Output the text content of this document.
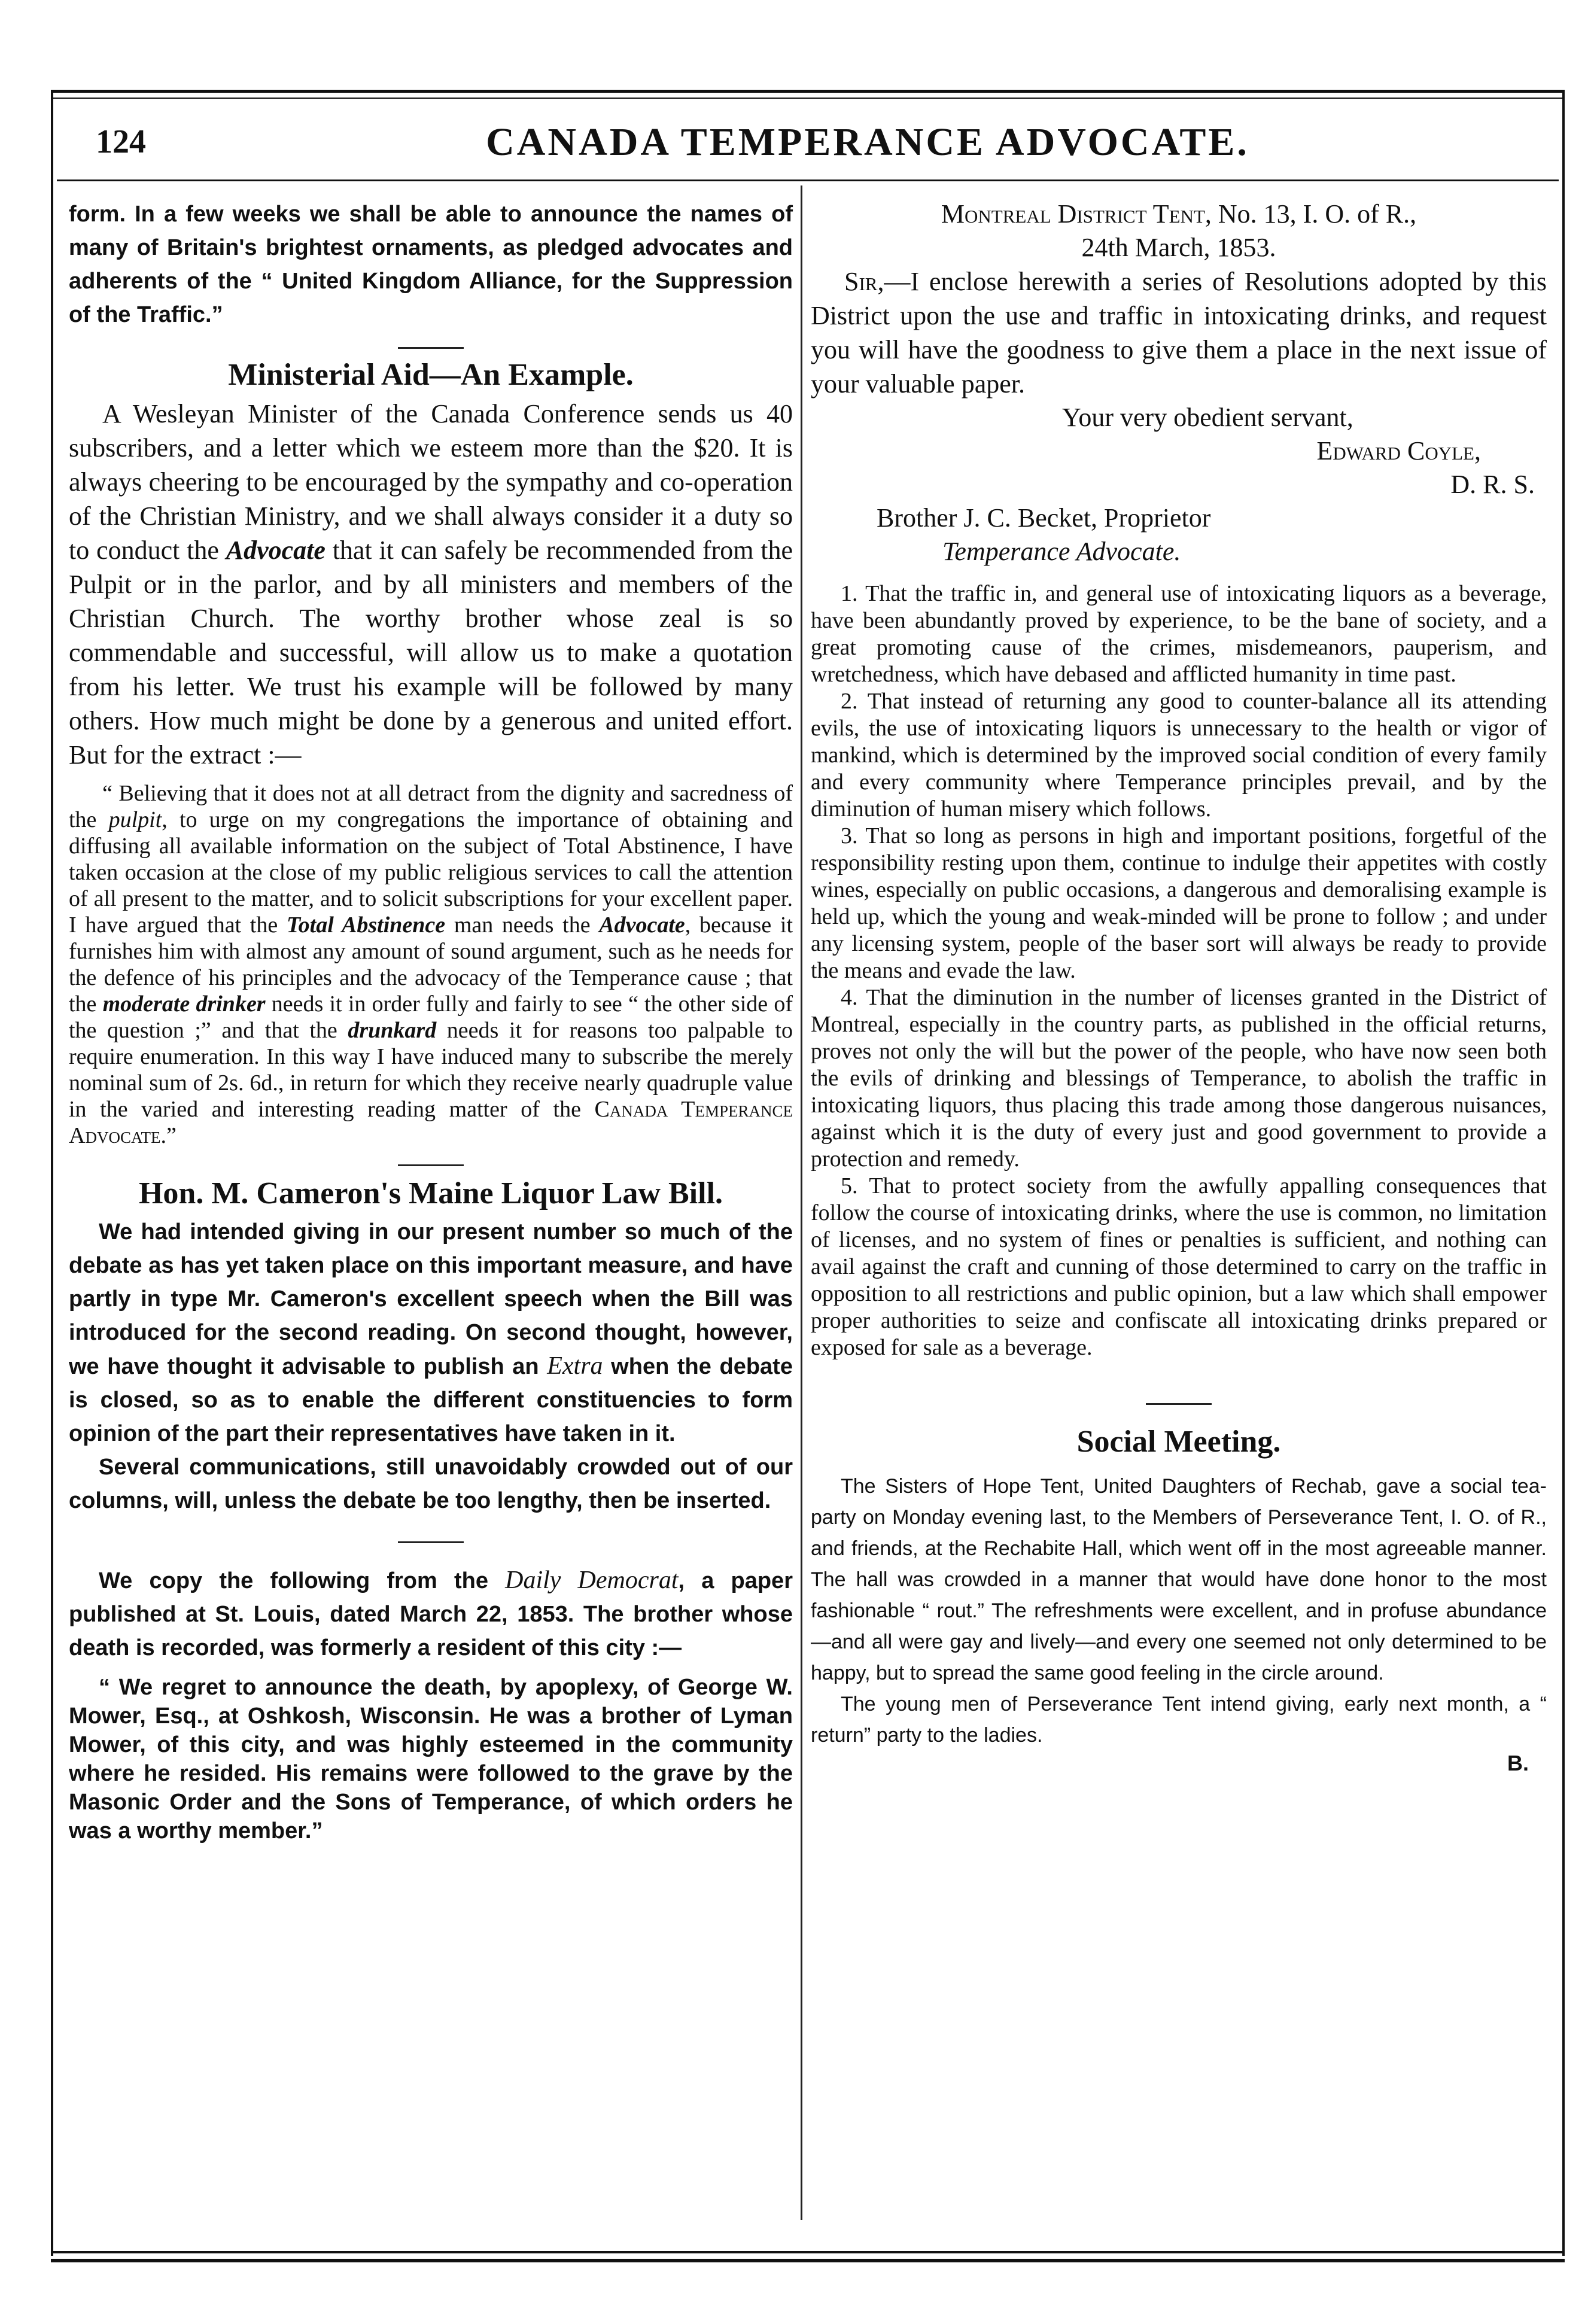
124	CANADA TEMPERANCE ADVOCATE.

form. In a few weeks we shall be able to announce the names of many of Britain's brightest ornaments, as pledged advocates and adherents of the “ United Kingdom Alliance, for the Suppression of the Traffic.”

Ministerial Aid—An Example.

A Wesleyan Minister of the Canada Conference sends us 40 subscribers, and a letter which we esteem more than the $20. It is always cheering to be encouraged by the sympathy and co-operation of the Christian Ministry, and we shall always consider it a duty so to conduct the Advocate that it can safely be recommended from the Pulpit or in the parlor, and by all ministers and members of the Christian Church. The worthy brother whose zeal is so commendable and successful, will allow us to make a quotation from his letter. We trust his example will be followed by many others. How much might be done by a generous and united effort. But for the extract :—

“ Believing that it does not at all detract from the dignity and sacredness of the pulpit, to urge on my congregations the importance of obtaining and diffusing all available information on the subject of Total Abstinence, I have taken occasion at the close of my public religious services to call the attention of all present to the matter, and to solicit subscriptions for your excellent paper. I have argued that the Total Abstinence man needs the Advocate, because it furnishes him with almost any amount of sound argument, such as he needs for the defence of his principles and the advocacy of the Temperance cause ; that the moderate drinker needs it in order fully and fairly to see “ the other side of the question ;” and that the drunkard needs it for reasons too palpable to require enumeration. In this way I have induced many to subscribe the merely nominal sum of 2s. 6d., in return for which they receive nearly quadruple value in the varied and interesting reading matter of the Canada Temperance Advocate.”

Hon. M. Cameron's Maine Liquor Law Bill.

We had intended giving in our present number so much of the debate as has yet taken place on this important measure, and have partly in type Mr. Cameron's excellent speech when the Bill was introduced for the second reading. On second thought, however, we have thought it advisable to publish an Extra when the debate is closed, so as to enable the different constituencies to form opinion of the part their representatives have taken in it.

Several communications, still unavoidably crowded out of our columns, will, unless the debate be too lengthy, then be inserted.

We copy the following from the Daily Democrat, a paper published at St. Louis, dated March 22, 1853. The brother whose death is recorded, was formerly a resident of this city :—

“ We regret to announce the death, by apoplexy, of George W. Mower, Esq., at Oshkosh, Wisconsin. He was a brother of Lyman Mower, of this city, and was highly esteemed in the community where he resided. His remains were followed to the grave by the Masonic Order and the Sons of Temperance, of which orders he was a worthy member.”

Montreal District Tent, No. 13, I. O. of R.,

24th March, 1853.

Sir,—I enclose herewith a series of Resolutions adopted by this District upon the use and traffic in intoxicating drinks, and request you will have the goodness to give them a place in the next issue of your valuable paper.

Your very obedient servant,

Edward Coyle,

D. R. S.

Brother J. C. Becket, Proprietor

Temperance Advocate.

1. That the traffic in, and general use of intoxicating liquors as a beverage, have been abundantly proved by experience, to be the bane of society, and a great promoting cause of the crimes, misdemeanors, pauperism, and wretchedness, which have debased and afflicted humanity in time past.

2. That instead of returning any good to counter-balance all its attending evils, the use of intoxicating liquors is unnecessary to the health or vigor of mankind, which is determined by the improved social condition of every family and every community where Temperance principles prevail, and by the diminution of human misery which follows.

3. That so long as persons in high and important positions, forgetful of the responsibility resting upon them, continue to indulge their appetites with costly wines, especially on public occasions, a dangerous and demoralising example is held up, which the young and weak-minded will be prone to follow ; and under any licensing system, people of the baser sort will always be ready to provide the means and evade the law.

4. That the diminution in the number of licenses granted in the District of Montreal, especially in the country parts, as published in the official returns, proves not only the will but the power of the people, who have now seen both the evils of drinking and blessings of Temperance, to abolish the traffic in intoxicating liquors, thus placing this trade among those dangerous nuisances, against which it is the duty of every just and good government to provide a protection and remedy.

5. That to protect society from the awfully appalling consequences that follow the course of intoxicating drinks, where the use is common, no limitation of licenses, and no system of fines or penalties is sufficient, and nothing can avail against the craft and cunning of those determined to carry on the traffic in opposition to all restrictions and public opinion, but a law which shall empower proper authorities to seize and confiscate all intoxicating drinks prepared or exposed for sale as a beverage.

Social Meeting.

The Sisters of Hope Tent, United Daughters of Rechab, gave a social tea-party on Monday evening last, to the Members of Perseverance Tent, I. O. of R., and friends, at the Rechabite Hall, which went off in the most agreeable manner. The hall was crowded in a manner that would have done honor to the most fashionable “ rout.” The refreshments were excellent, and in profuse abundance—and all were gay and lively—and every one seemed not only determined to be happy, but to spread the same good feeling in the circle around.

The young men of Perseverance Tent intend giving, early next month, a “ return” party to the ladies.

B.
